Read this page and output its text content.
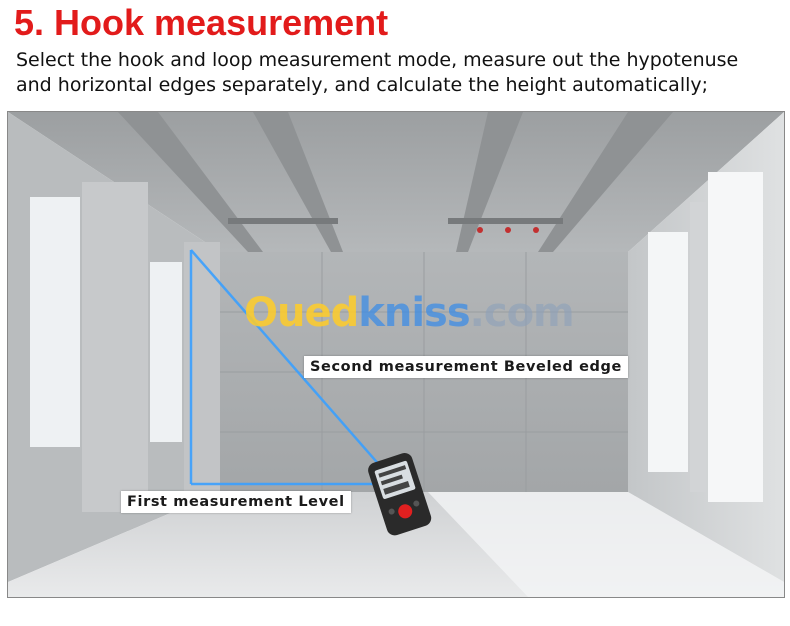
5. Hook measurement
Select the hook and loop measurement mode, measure out the hypotenuse
and horizontal edges separately, and calculate the height automatically;
Ouedkniss.com
Second measurement Beveled edge
First measurement Level
